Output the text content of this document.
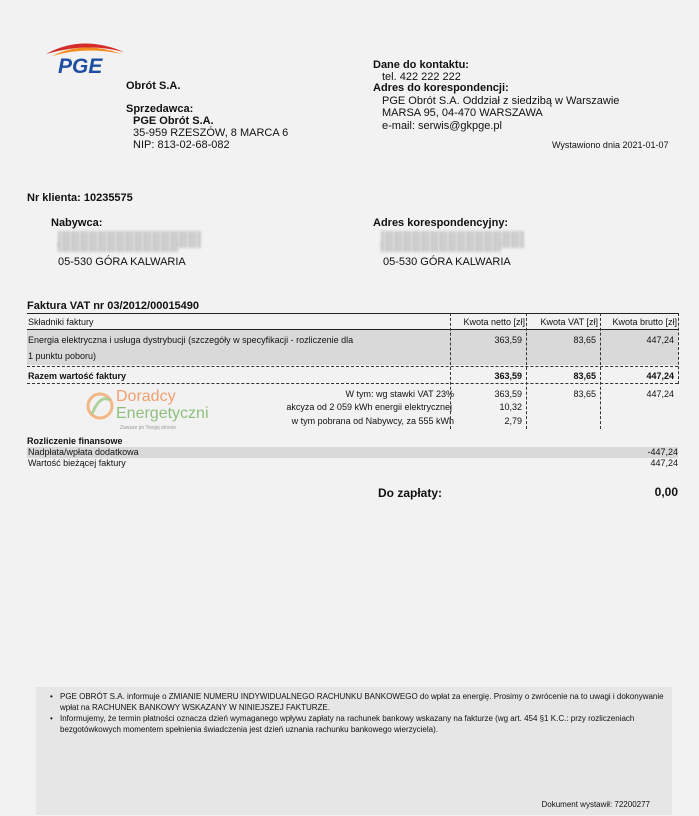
PGE
Obrót S.A.
Sprzedawca:
PGE Obrót S.A.
35-959 RZESZÓW, 8 MARCA 6
NIP: 813-02-68-082
Dane do kontaktu:
tel. 422 222 222
Adres do korespondencji:
PGE Obrót S.A. Oddział z siedzibą w Warszawie
MARSA 95, 04-470 WARSZAWA
e-mail: serwis@gkpge.pl
Wystawiono dnia 2021-01-07
Nr klienta: 10235575
Nabywca:
05-530 GÓRA KALWARIA
Adres korespondencyjny:
05-530 GÓRA KALWARIA
Faktura VAT nr 03/2012/00015490
Składniki faktury	Kwota netto [zł]	Kwota VAT [zł]	Kwota brutto [zł]
Energia elektryczna i usługa dystrybucji (szczegóły w specyfikacji - rozliczenie dla
1 punktu poboru)
363,59	83,65	447,24
Razem wartość faktury	363,59	83,65	447,24
W tym: wg stawki VAT 23%	363,59	83,65	447,24
akcyza od 2 059 kWh energii elektrycznej	10,32
w tym pobrana od Nabywcy, za 555 kWh	2,79
Doradcy
Energetyczni
Zawsze po Twojej stronie
Rozliczenie finansowe
Nadpłata/wpłata dodatkowa	-447,24
Wartość bieżącej faktury	447,24
Do zapłaty:	0,00
• PGE OBRÓT S.A. informuje o ZMIANIE NUMERU INDYWIDUALNEGO RACHUNKU BANKOWEGO do wpłat za energię. Prosimy o zwrócenie na to uwagi i dokonywanie wpłat na RACHUNEK BANKOWY WSKAZANY W NINIEJSZEJ FAKTURZE.
• Informujemy, że termin płatności oznacza dzień wymaganego wpływu zapłaty na rachunek bankowy wskazany na fakturze (wg art. 454 §1 K.C.: przy rozliczeniach bezgotówkowych momentem spełnienia świadczenia jest dzień uznania rachunku bankowego wierzyciela).
Dokument wystawił: 72200277
